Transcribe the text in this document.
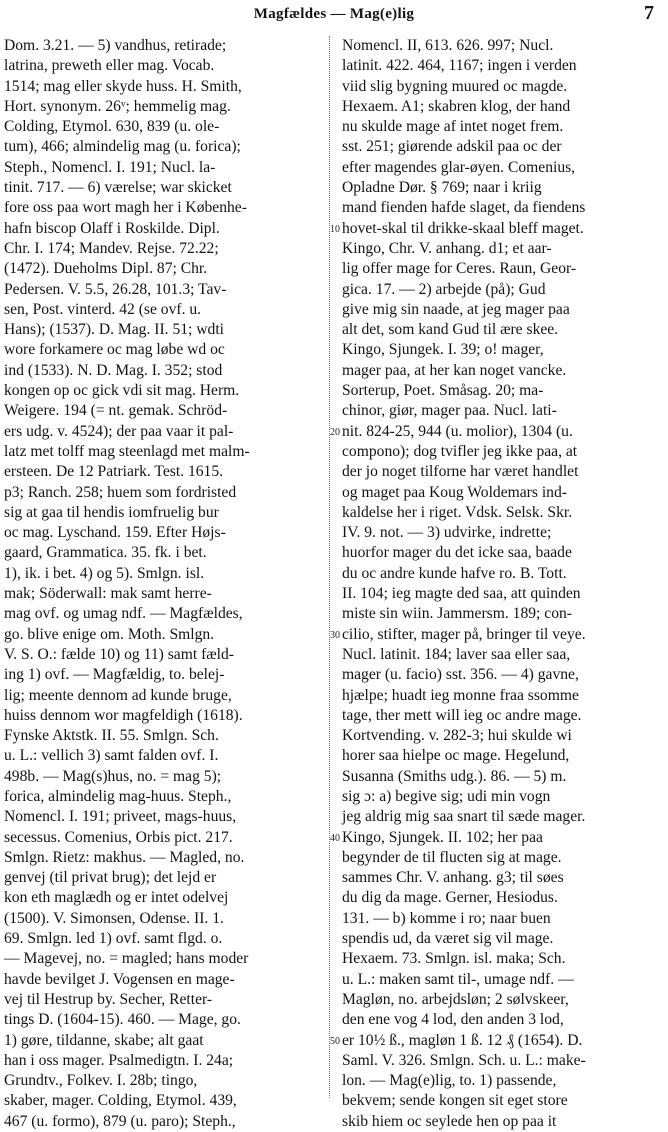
Magfældes — Mag(e)lig	7
Dom. 3.21. — 5) vandhus, retirade;
latrina, preweth eller mag. Vocab.
1514; mag eller skyde huss. H. Smith,
Hort. synonym. 26ᵛ; hemmelig mag.
Colding, Etymol. 630, 839 (u. ole-
tum), 466; almindelig mag (u. forica);
Steph., Nomencl. I. 191; Nucl. la-
tinit. 717. — 6) værelse; war skicket
fore oss paa wort magh her i Københe-
hafn biscop Olaff i Roskilde. Dipl.
Chr. I. 174; Mandev. Rejse. 72.22;
(1472). Dueholms Dipl. 87; Chr.
Pedersen. V. 5.5, 26.28, 101.3; Tav-
sen, Post. vinterd. 42 (se ovf. u.
Hans); (1537). D. Mag. II. 51; wdti
wore forkamere oc mag løbe wd oc
ind (1533). N. D. Mag. I. 352; stod
kongen op oc gick vdi sit mag. Herm.
Weigere. 194 (= nt. gemak. Schröd-
ers udg. v. 4524); der paa vaar it pal-
latz met tolff mag steenlagd met malm-
ersteen. De 12 Patriark. Test. 1615.
p3; Ranch. 258; huem som fordristed
sig at gaa til hendis iomfruelig bur
oc mag. Lyschand. 159. Efter Højs-
gaard, Grammatica. 35. fk. i bet.
1), ik. i bet. 4) og 5). Smlgn. isl.
mak; Söderwall: mak samt herre-
mag ovf. og umag ndf. — Magfældes,
go. blive enige om. Moth. Smlgn.
V. S. O.: fælde 10) og 11) samt fæld-
ing 1) ovf. — Magfældig, to. belej-
lig; meente dennom ad kunde bruge,
huiss dennom wor magfeldigh (1618).
Fynske Aktstk. II. 55. Smlgn. Sch.
u. L.: vellich 3) samt falden ovf. I.
498b. — Mag(s)hus, no. = mag 5);
forica, almindelig mag-huus. Steph.,
Nomencl. I. 191; priveet, mags-huus,
secessus. Comenius, Orbis pict. 217.
Smlgn. Rietz: makhus. — Magled, no.
genvej (til privat brug); det lejd er
kon eth maglædh og er intet odelvej
(1500). V. Simonsen, Odense. II. 1.
69. Smlgn. led 1) ovf. samt flgd. o.
— Magevej, no. = magled; hans moder
havde bevilget J. Vogensen en mage-
vej til Hestrup by. Secher, Retter-
tings D. (1604-15). 460. — Mage, go.
1) gøre, tildanne, skabe; alt gaat
han i oss mager. Psalmedigtn. I. 24a;
Grundtv., Folkev. I. 28b; tingo,
skaber, mager. Colding, Etymol. 439,
467 (u. formo), 879 (u. paro); Steph.,
10
20
30
40
50
Nomencl. II, 613. 626. 997; Nucl.
latinit. 422. 464, 1167; ingen i verden
viid slig bygning muured oc magde.
Hexaem. A1; skabren klog, der hand
nu skulde mage af intet noget frem.
sst. 251; giørende adskil paa oc der
efter magendes glar-øyen. Comenius,
Opladne Dør. § 769; naar i kriig
mand fienden hafde slaget, da fiendens
hovet-skal til drikke-skaal bleff maget.
Kingo, Chr. V. anhang. d1; et aar-
lig offer mage for Ceres. Raun, Geor-
gica. 17. — 2) arbejde (på); Gud
give mig sin naade, at jeg mager paa
alt det, som kand Gud til ære skee.
Kingo, Sjungek. I. 39; o! mager,
mager paa, at her kan noget vancke.
Sorterup, Poet. Småsag. 20; ma-
chinor, giør, mager paa. Nucl. lati-
nit. 824-25, 944 (u. molior), 1304 (u.
compono); dog tvifler jeg ikke paa, at
der jo noget tilforne har været handlet
og maget paa Koug Woldemars ind-
kaldelse her i riget. Vdsk. Selsk. Skr.
IV. 9. not. — 3) udvirke, indrette;
huorfor mager du det icke saa, baade
du oc andre kunde hafve ro. B. Tott.
II. 104; ieg magte ded saa, att quinden
miste sin wiin. Jammersm. 189; con-
cilio, stifter, mager på, bringer til veye.
Nucl. latinit. 184; laver saa eller saa,
mager (u. facio) sst. 356. — 4) gavne,
hjælpe; huadt ieg monne fraa ssomme
tage, ther mett will ieg oc andre mage.
Kortvending. v. 282-3; hui skulde wi
horer saa hielpe oc mage. Hegelund,
Susanna (Smiths udg.). 86. — 5) m.
sig ɔ: a) begive sig; udi min vogn
jeg aldrig mig saa snart til sæde mager.
Kingo, Sjungek. II. 102; her paa
begynder de til flucten sig at mage.
sammes Chr. V. anhang. g3; til søes
du dig da mage. Gerner, Hesiodus.
131. — b) komme i ro; naar buen
spendis ud, da været sig vil mage.
Hexaem. 73. Smlgn. isl. maka; Sch.
u. L.: maken samt til-, umage ndf. —
Magløn, no. arbejdsløn; 2 sølvskeer,
den ene vog 4 lod, den anden 3 lod,
er 10½ ß., magløn 1 ß. 12 ₰ (1654). D.
Saml. V. 326. Smlgn. Sch. u. L.: make-
lon. — Mag(e)lig, to. 1) passende,
bekvem; sende kongen sit eget store
skib hiem oc seylede hen op paa it
